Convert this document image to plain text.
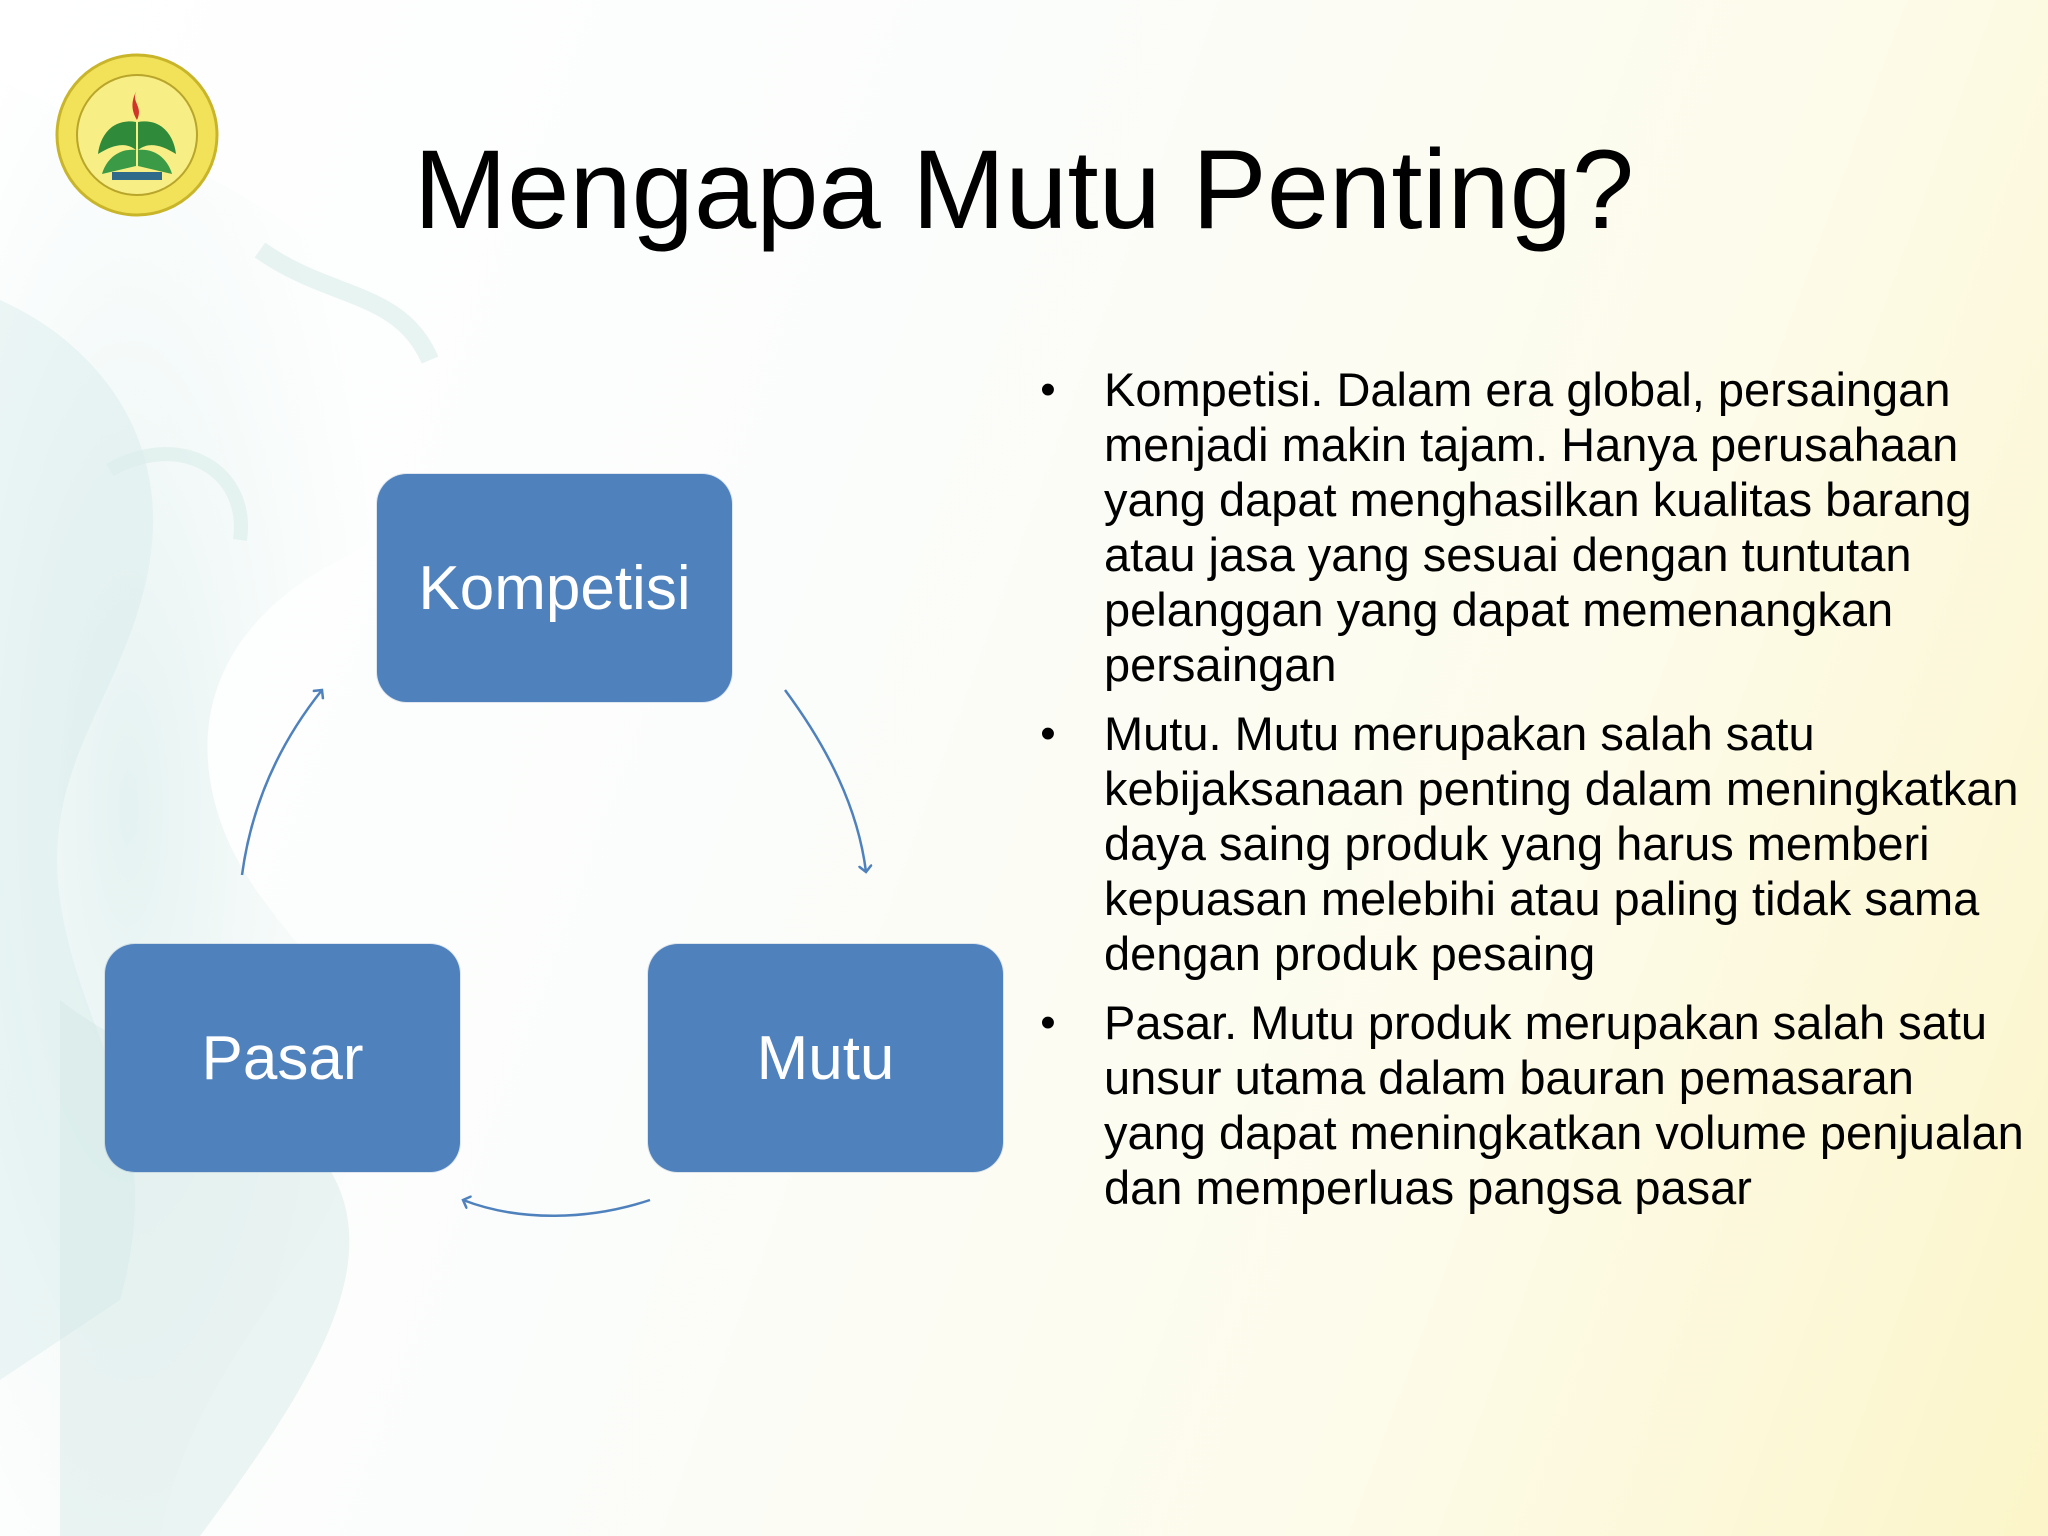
Mengapa Mutu Penting?
Kompetisi
Mutu
Pasar
• Kompetisi. Dalam era global, persaingan menjadi makin tajam. Hanya perusahaan yang dapat menghasilkan kualitas barang atau jasa yang sesuai dengan tuntutan pelanggan yang dapat memenangkan persaingan
• Mutu. Mutu merupakan salah satu kebijaksanaan penting dalam meningkatkan daya saing produk yang harus memberi kepuasan melebihi atau paling tidak sama dengan produk pesaing
• Pasar. Mutu produk merupakan salah satu unsur utama dalam bauran pemasaran yang dapat meningkatkan volume penjualan dan memperluas pangsa pasar
